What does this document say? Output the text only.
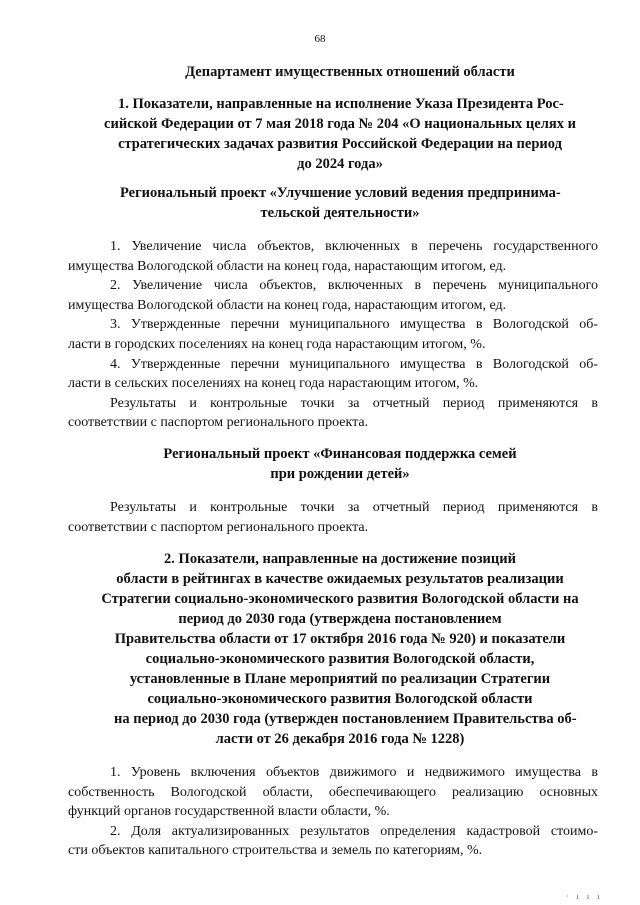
68
Департамент имущественных отношений области
1. Показатели, направленные на исполнение Указа Президента Рос-
сийской Федерации от 7 мая 2018 года № 204 «О национальных целях и
стратегических задачах развития Российской Федерации на период
до 2024 года»
Региональный проект «Улучшение условий ведения предпринима-
тельской деятельности»
1. Увеличение числа объектов, включенных в перечень государственного
имущества Вологодской области на конец года, нарастающим итогом, ед.
2. Увеличение числа объектов, включенных в перечень муниципального
имущества Вологодской области на конец года, нарастающим итогом, ед.
3. Утвержденные перечни муниципального имущества в Вологодской об-
ласти в городских поселениях на конец года нарастающим итогом, %.
4. Утвержденные перечни муниципального имущества в Вологодской об-
ласти в сельских поселениях на конец года нарастающим итогом, %.
Результаты и контрольные точки за отчетный период применяются в
соответствии с паспортом регионального проекта.
Региональный проект «Финансовая поддержка семей
при рождении детей»
Результаты и контрольные точки за отчетный период применяются в
соответствии с паспортом регионального проекта.
2. Показатели, направленные на достижение позиций
области в рейтингах в качестве ожидаемых результатов реализации
Стратегии социально-экономического развития Вологодской области на
период до 2030 года (утверждена постановлением
Правительства области от 17 октября 2016 года № 920) и показатели
социально-экономического развития Вологодской области,
установленные в Плане мероприятий по реализации Стратегии
социально-экономического развития Вологодской области
на период до 2030 года (утвержден постановлением Правительства об-
ласти от 26 декабря 2016 года № 1228)
1. Уровень включения объектов движимого и недвижимого имущества в
собственность Вологодской области, обеспечивающего реализацию основных
функций органов государственной власти области, %.
2. Доля актуализированных результатов определения кадастровой стоимо-
сти объектов капитального строительства и земель по категориям, %.
· ı ı ı
